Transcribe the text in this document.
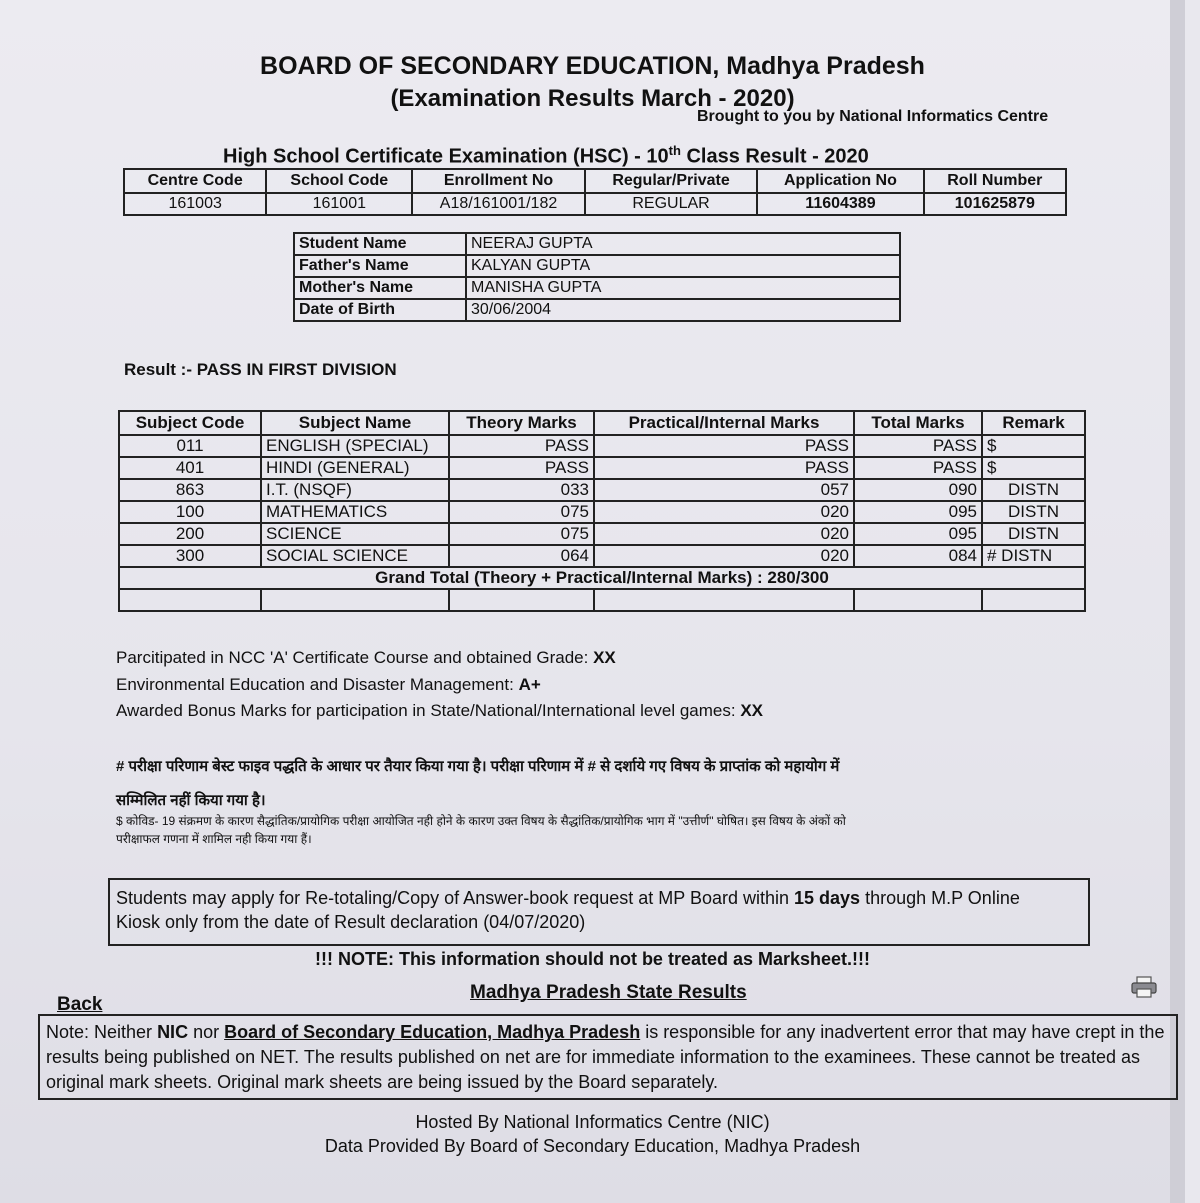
BOARD OF SECONDARY EDUCATION, Madhya Pradesh
(Examination Results March - 2020)
Brought to you by National Informatics Centre
High School Certificate Examination (HSC) - 10th Class Result - 2020
Centre Code	School Code	Enrollment No	Regular/Private	Application No	Roll Number
161003	161001	A18/161001/182	REGULAR	11604389	101625879
Student Name	NEERAJ GUPTA
Father's Name	KALYAN GUPTA
Mother's Name	MANISHA GUPTA
Date of Birth	30/06/2004
Result :- PASS IN FIRST DIVISION
Subject Code	Subject Name	Theory Marks	Practical/Internal Marks	Total Marks	Remark
011	ENGLISH (SPECIAL)	PASS	PASS	PASS	$
401	HINDI (GENERAL)	PASS	PASS	PASS	$
863	I.T. (NSQF)	033	057	090	DISTN
100	MATHEMATICS	075	020	095	DISTN
200	SCIENCE	075	020	095	DISTN
300	SOCIAL SCIENCE	064	020	084	# DISTN
Grand Total (Theory + Practical/Internal Marks) : 280/300					

Parcitipated in NCC 'A' Certificate Course and obtained Grade: XX
Environmental Education and Disaster Management: A+
Awarded Bonus Marks for participation in State/National/International level games: XX
# परीक्षा परिणाम बेस्ट फाइव पद्धति के आधार पर तैयार किया गया है। परीक्षा परिणाम में # से दर्शाये गए विषय के प्राप्तांक को महायोग में
सम्मिलित नहीं किया गया है।
$ कोविड- 19 संक्रमण के कारण सैद्धांतिक/प्रायोगिक परीक्षा आयोजित नही होने के कारण उक्त विषय के सैद्धांतिक/प्रायोगिक भाग में "उत्तीर्ण" घोषित। इस विषय के अंकों को
परीक्षाफल गणना में शामिल नही किया गया हैं।
Students may apply for Re-totaling/Copy of Answer-book request at MP Board within 15 days through M.P Online
Kiosk only from the date of Result declaration (04/07/2020)
!!! NOTE: This information should not be treated as Marksheet.!!!
Back
Madhya Pradesh State Results
Note: Neither NIC nor Board of Secondary Education, Madhya Pradesh is responsible for any inadvertent error that may have crept in the results being published on NET. The results published on net are for immediate information to the examinees. These cannot be treated as original mark sheets. Original mark sheets are being issued by the Board separately.
Hosted By National Informatics Centre (NIC)
Data Provided By Board of Secondary Education, Madhya Pradesh
